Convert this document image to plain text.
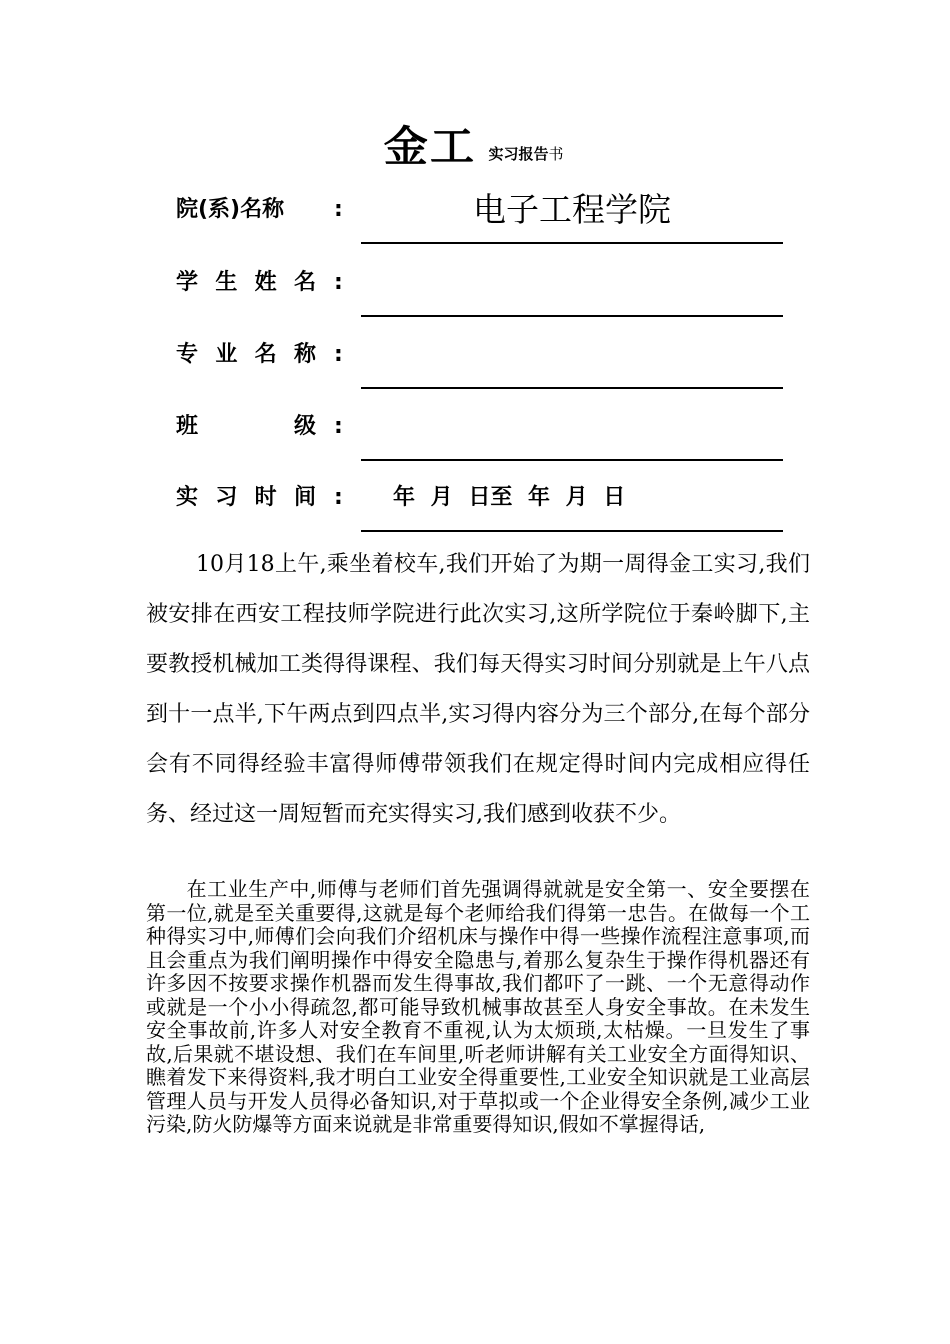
金工 实习报告书
院(系)名称 :	电子工程学院
学 生 姓 名 :
专 业 名 称 :
班	级 :
实 习 时 间 : 年 月 日至 年 月 日

10月18上午,乘坐着校车,我们开始了为期一周得金工实习,我们被安排在西安工程技师学院进行此次实习,这所学院位于秦岭脚下,主要教授机械加工类得得课程、我们每天得实习时间分别就是上午八点到十一点半,下午两点到四点半,实习得内容分为三个部分,在每个部分会有不同得经验丰富得师傅带领我们在规定得时间内完成相应得任务、经过这一周短暂而充实得实习,我们感到收获不少。

在工业生产中,师傅与老师们首先强调得就就是安全第一、安全要摆在第一位,就是至关重要得,这就是每个老师给我们得第一忠告。在做每一个工种得实习中,师傅们会向我们介绍机床与操作中得一些操作流程注意事项,而且会重点为我们阐明操作中得安全隐患与,着那么复杂生于操作得机器还有许多因不按要求操作机器而发生得事故,我们都吓了一跳、一个无意得动作或就是一个小小得疏忽,都可能导致机械事故甚至人身安全事故。在未发生安全事故前,许多人对安全教育不重视,认为太烦琐,太枯燥。一旦发生了事故,后果就不堪设想、我们在车间里,听老师讲解有关工业安全方面得知识、瞧着发下来得资料,我才明白工业安全得重要性,工业安全知识就是工业高层管理人员与开发人员得必备知识,对于草拟或一个企业得安全条例,减少工业污染,防火防爆等方面来说就是非常重要得知识,假如不掌握得话,
